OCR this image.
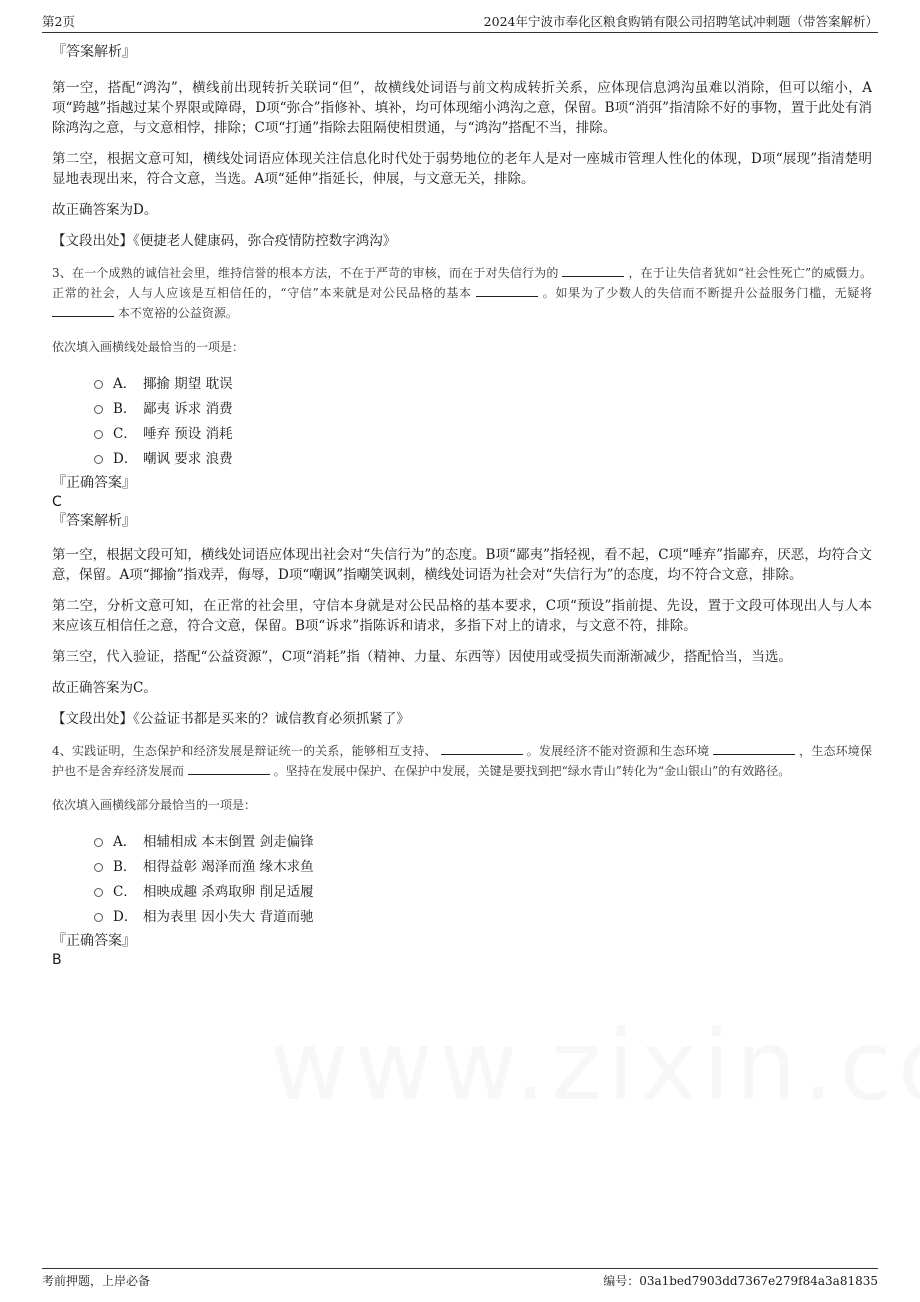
第2页	2024年宁波市奉化区粮食购销有限公司招聘笔试冲刺题（带答案解析）
『答案解析』
第一空，搭配“鸿沟”，横线前出现转折关联词“但”，故横线处词语与前文构成转折关系，应体现信息鸿沟虽难以消除，但可以缩小，A项“跨越”指越过某个界限或障碍，D项“弥合”指修补、填补，均可体现缩小鸿沟之意，保留。B项“消弭”指清除不好的事物，置于此处有消除鸿沟之意，与文意相悖，排除；C项“打通”指除去阻隔使相贯通，与“鸿沟”搭配不当，排除。
第二空，根据文意可知，横线处词语应体现关注信息化时代处于弱势地位的老年人是对一座城市管理人性化的体现，D项“展现”指清楚明显地表现出来，符合文意，当选。A项“延伸”指延长，伸展，与文意无关，排除。
故正确答案为D。
【文段出处】《便捷老人健康码，弥合疫情防控数字鸿沟》
3、在一个成熟的诚信社会里，维持信誉的根本方法，不在于严苛的审核，而在于对失信行为的	，在于让失信者犹如“社会性死亡”的威慑力。正常的社会，人与人应该是互相信任的，“守信”本来就是对公民品格的基本	。如果为了少数人的失信而不断提升公益服务门槛，无疑将  本不宽裕的公益资源。
依次填入画横线处最恰当的一项是：
A． 揶揄 期望 耽误
B． 鄙夷 诉求 消费
C． 唾弃 预设 消耗
D． 嘲讽 要求 浪费
『正确答案』
C
『答案解析』
第一空，根据文段可知，横线处词语应体现出社会对“失信行为”的态度。B项“鄙夷”指轻视，看不起，C项“唾弃”指鄙弃，厌恶，均符合文意，保留。A项“揶揄”指戏弄，侮辱，D项“嘲讽”指嘲笑讽刺，横线处词语为社会对“失信行为”的态度，均不符合文意，排除。
第二空，分析文意可知，在正常的社会里，守信本身就是对公民品格的基本要求，C项“预设”指前提、先设，置于文段可体现出人与人本来应该互相信任之意，符合文意，保留。B项“诉求”指陈诉和请求，多指下对上的请求，与文意不符，排除。
第三空，代入验证，搭配“公益资源”，C项“消耗”指（精神、力量、东西等）因使用或受损失而渐渐减少，搭配恰当，当选。
故正确答案为C。
【文段出处】《公益证书都是买来的？诚信教育必须抓紧了》
4、实践证明，生态保护和经济发展是辩证统一的关系，能够相互支持、	。发展经济不能对资源和生态环境	，生态环境保护也不是舍弃经济发展而	。坚持在发展中保护、在保护中发展，关键是要找到把“绿水青山”转化为“金山银山”的有效路径。
依次填入画横线部分最恰当的一项是：
A． 相辅相成 本末倒置 剑走偏锋
B． 相得益彰 竭泽而渔 缘木求鱼
C． 相映成趣 杀鸡取卵 削足适履
D． 相为表里 因小失大 背道而驰
『正确答案』
B
考前押题，上岸必备	编号：03a1bed7903dd7367e279f84a3a81835
